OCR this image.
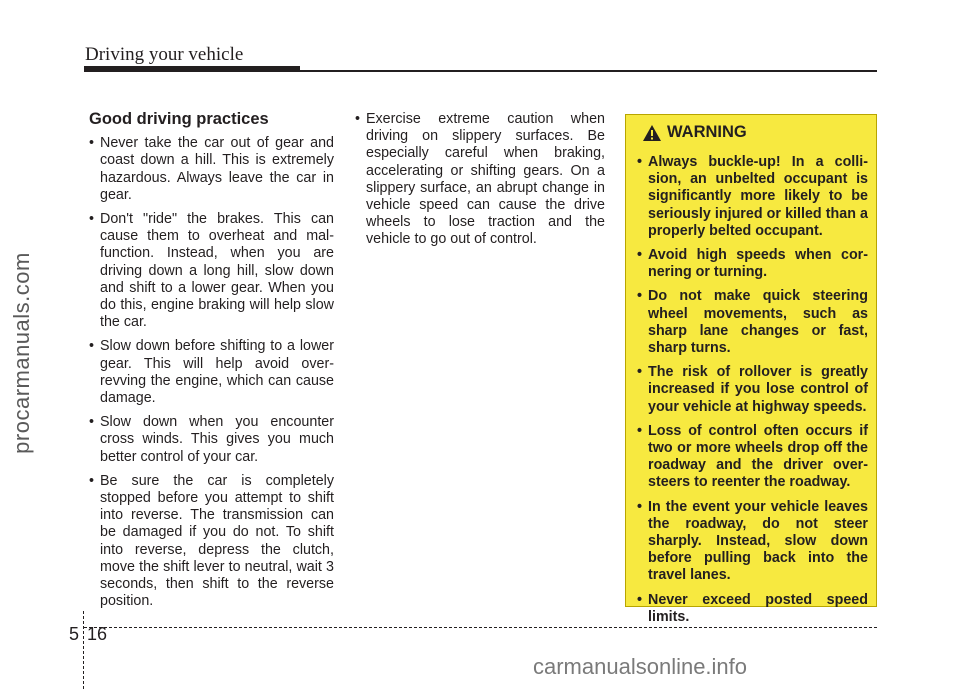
Driving your vehicle
procarmanuals.com
Good driving practices
• Never take the car out of gear and coast down a hill. This is extremely hazardous. Always leave the car in gear.
• Don't "ride" the brakes. This can cause them to overheat and mal-function. Instead, when you are driving down a long hill, slow down and shift to a lower gear. When you do this, engine braking will help slow the car.
• Slow down before shifting to a lower gear. This will help avoid over-revving the engine, which can cause damage.
• Slow down when you encounter cross winds. This gives you much better control of your car.
• Be sure the car is completely stopped before you attempt to shift into reverse. The transmission can be damaged if you do not. To shift into reverse, depress the clutch, move the shift lever to neutral, wait 3 seconds, then shift to the reverse position.
• Exercise extreme caution when driving on slippery surfaces. Be especially careful when braking, accelerating or shifting gears. On a slippery surface, an abrupt change in vehicle speed can cause the drive wheels to lose traction and the vehicle to go out of control.
WARNING
• Always buckle-up! In a colli-sion, an unbelted occupant is significantly more likely to be seriously injured or killed than a properly belted occupant.
• Avoid high speeds when cor-nering or turning.
• Do not make quick steering wheel movements, such as sharp lane changes or fast, sharp turns.
• The risk of rollover is greatly increased if you lose control of your vehicle at highway speeds.
• Loss of control often occurs if two or more wheels drop off the roadway and the driver over-steers to reenter the roadway.
• In the event your vehicle leaves the roadway, do not steer sharply. Instead, slow down before pulling back into the travel lanes.
• Never exceed posted speed limits.
5 16
carmanualsonline.info
